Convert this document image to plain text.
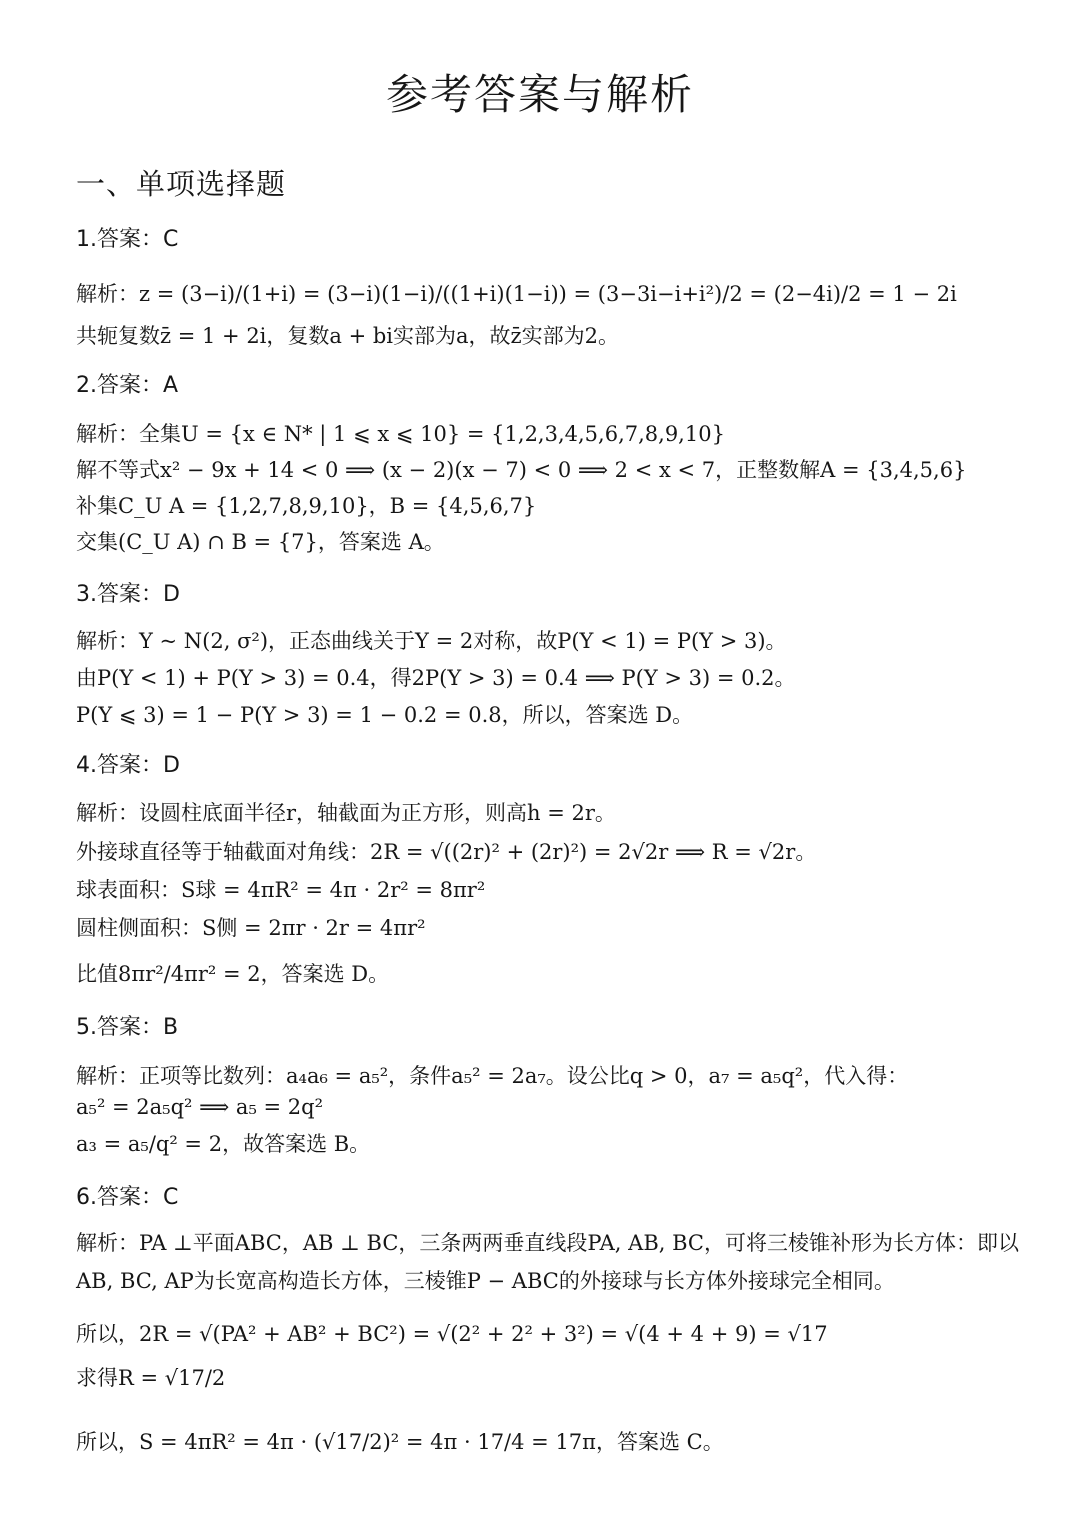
参考答案与解析
一、单项选择题
1.答案：C
解析：z = (3−i)/(1+i) = (3−i)(1−i)/((1+i)(1−i)) = (3−3i−i+i²)/2 = (2−4i)/2 = 1 − 2i
共轭复数z̄ = 1 + 2i，复数a + bi实部为a，故z̄实部为2。
2.答案：A
解析：全集U = {x ∈ N* | 1 ⩽ x ⩽ 10} = {1,2,3,4,5,6,7,8,9,10}
解不等式x² − 9x + 14 < 0 ⟹ (x − 2)(x − 7) < 0 ⟹ 2 < x < 7，正整数解A = {3,4,5,6}
补集C_U A = {1,2,7,8,9,10}，B = {4,5,6,7}
交集(C_U A) ∩ B = {7}，答案选 A。
3.答案：D
解析：Y ~ N(2, σ²)，正态曲线关于Y = 2对称，故P(Y < 1) = P(Y > 3)。
由P(Y < 1) + P(Y > 3) = 0.4，得2P(Y > 3) = 0.4 ⟹ P(Y > 3) = 0.2。
P(Y ⩽ 3) = 1 − P(Y > 3) = 1 − 0.2 = 0.8，所以，答案选 D。
4.答案：D
解析：设圆柱底面半径r，轴截面为正方形，则高h = 2r。
外接球直径等于轴截面对角线：2R = √((2r)² + (2r)²) = 2√2r ⟹ R = √2r。
球表面积：S球 = 4πR² = 4π · 2r² = 8πr²
圆柱侧面积：S侧 = 2πr · 2r = 4πr²
比值8πr²/4πr² = 2，答案选 D。
5.答案：B
解析：正项等比数列：a₄a₆ = a₅²，条件a₅² = 2a₇。设公比q > 0，a₇ = a₅q²，代入得：
a₅² = 2a₅q² ⟹ a₅ = 2q²
a₃ = a₅/q² = 2，故答案选 B。
6.答案：C
解析：PA ⊥平面ABC，AB ⊥ BC，三条两两垂直线段PA, AB, BC，可将三棱锥补形为长方体：即以AB, BC, AP为长宽高构造长方体，三棱锥P − ABC的外接球与长方体外接球完全相同。
所以，2R = √(PA² + AB² + BC²) = √(2² + 2² + 3²) = √(4 + 4 + 9) = √17
求得R = √17/2
所以，S = 4πR² = 4π · (√17/2)² = 4π · 17/4 = 17π，答案选 C。
